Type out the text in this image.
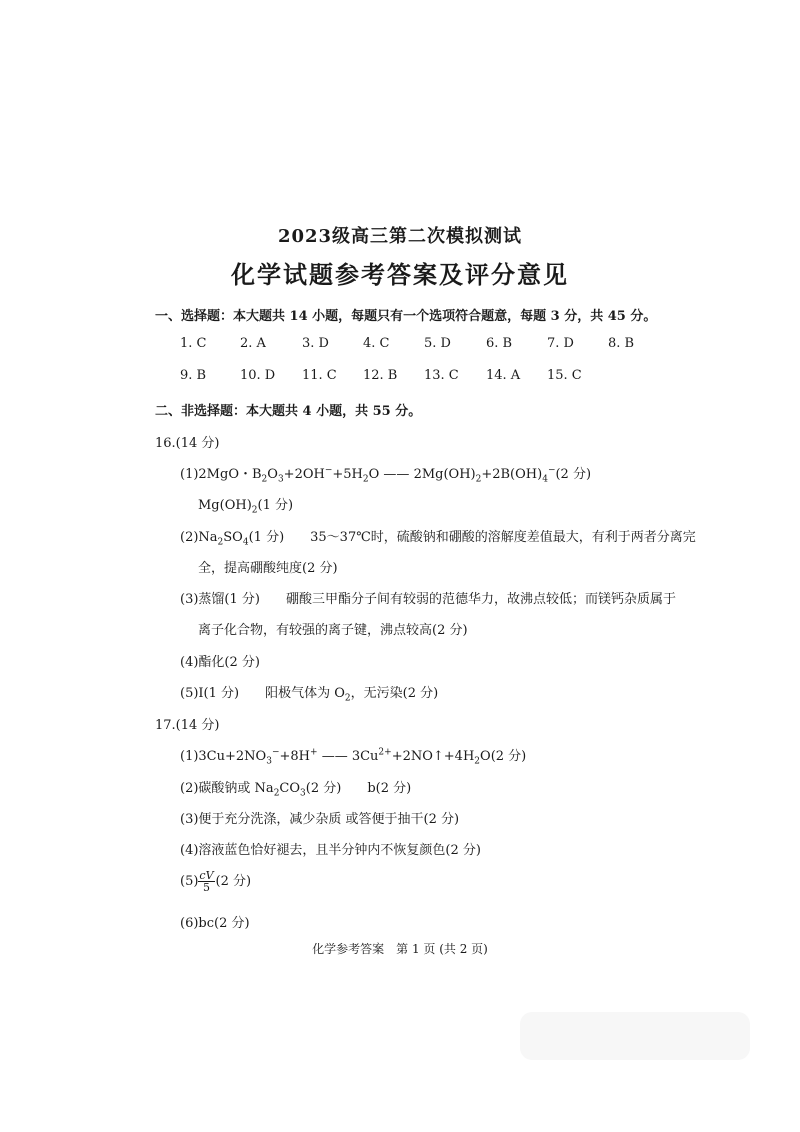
2023级高三第二次模拟测试
化学试题参考答案及评分意见
一、选择题：本大题共 14 小题，每题只有一个选项符合题意，每题 3 分，共 45 分。
1. C	2. A	3. D	4. C	5. D	6. B	7. D	8. B
9. B	10. D 11. C 12. B 13. C 14. A 15. C
二、非选择题：本大题共 4 小题，共 55 分。
16.(14 分)
(1)2MgO・$B_2O_3+2OH^-+5H_2O$ —— $2Mg(OH)_2+2B(OH)_4^-(2$ 分)
$Mg(OH)_2(1$ 分)
$(2)Na_2SO_4(1$ 分)　　35～37℃时，硫酸钠和硼酸的溶解度差值最大，有利于两者分离完
全，提高硼酸纯度(2 分)
(3)蒸馏(1 分)　　硼酸三甲酯分子间有较弱的范德华力，故沸点较低；而镁钙杂质属于
离子化合物，有较强的离子键，沸点较高(2 分)
(4)酯化(2 分)
(5)I(1 分)　　阳极气体为 $O_2$，无污染(2 分)
17.(14 分)
$(1)3Cu+2NO_3^-+8H^+$ —— $3Cu^{2+}+2NO↑+4H_2O(2$ 分)
(2)碳酸钠或 $Na_2CO_3(2$ 分)　　b(2 分)
(3)便于充分洗涤，减少杂质 或答便于抽干(2 分)
(4)溶液蓝色恰好褪去，且半分钟内不恢复颜色(2 分)
$(5) \frac{cV}{5} (2$ 分)
(6)bc(2 分)
化学参考答案　第 1 页 (共 2 页)
